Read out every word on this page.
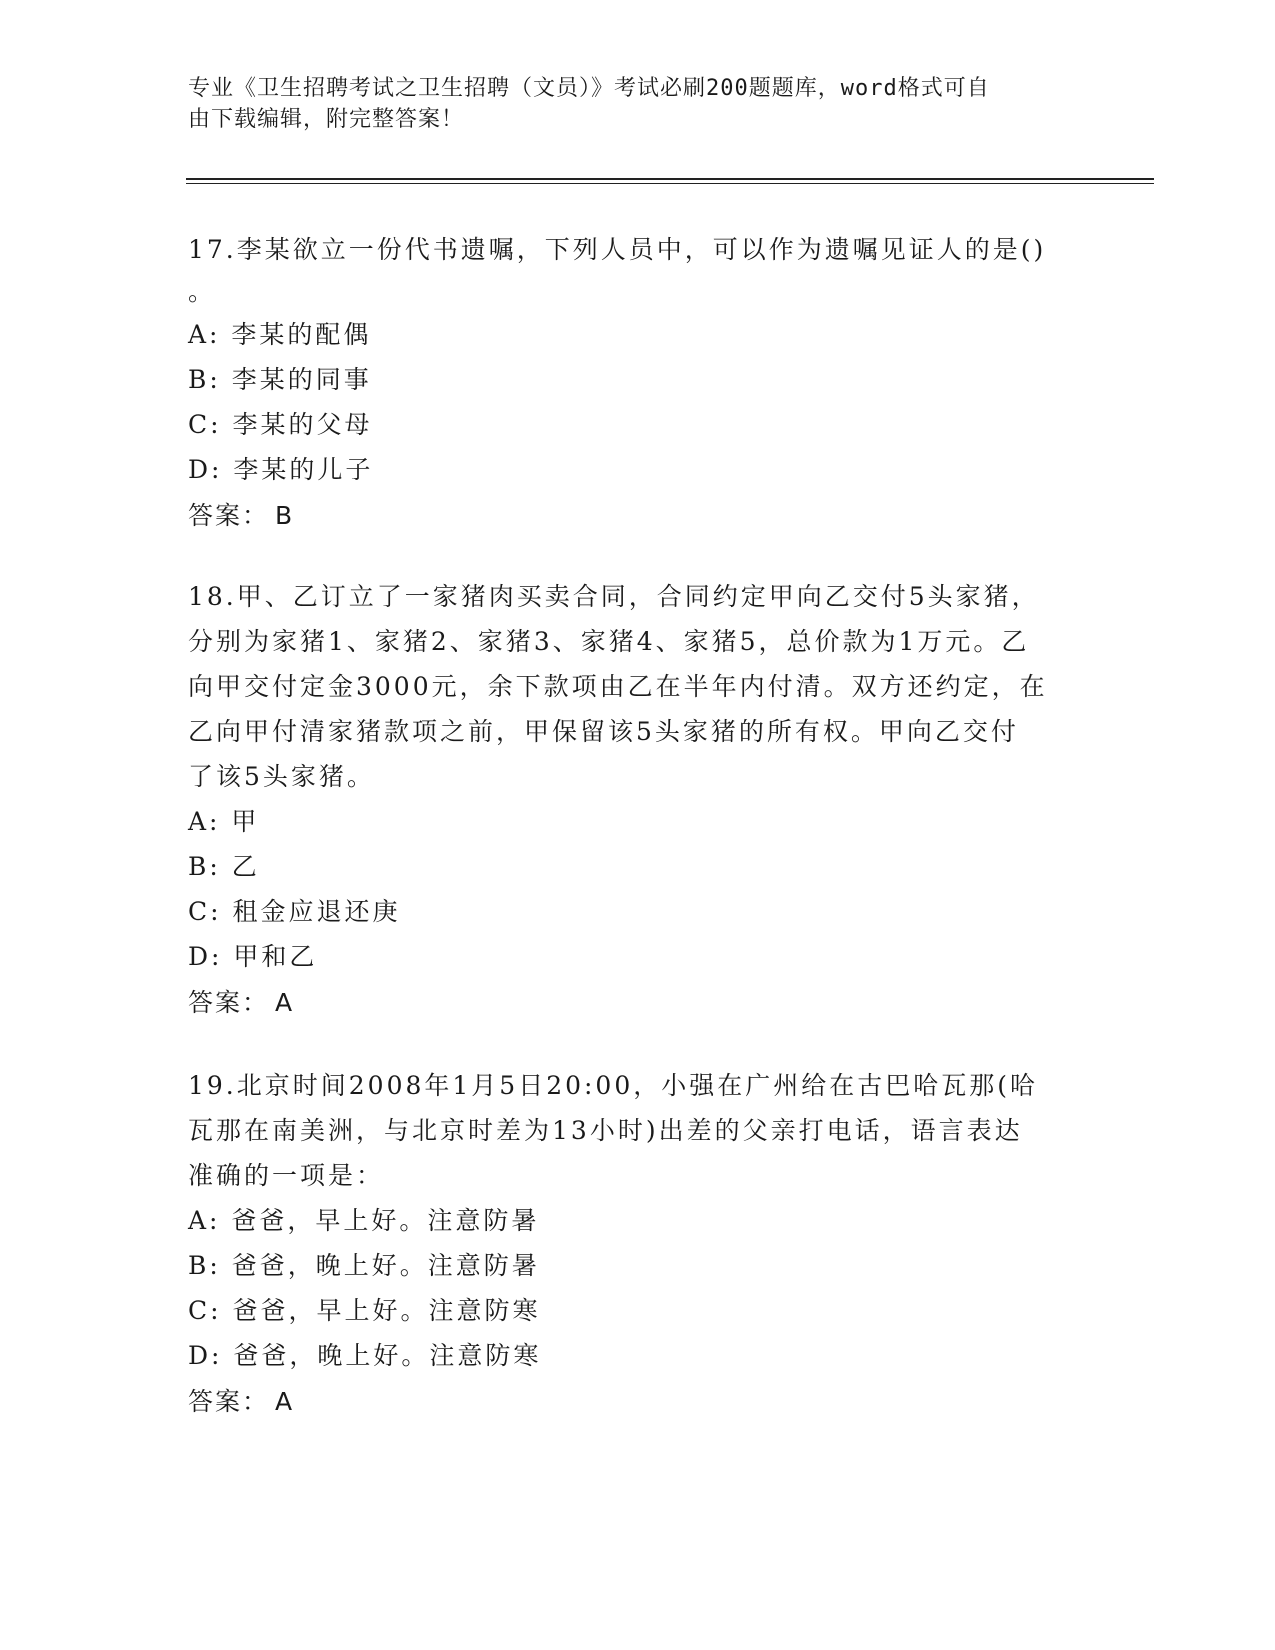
专业《卫生招聘考试之卫生招聘（文员）》考试必刷200题题库，word格式可自
由下载编辑，附完整答案！
17.李某欲立一份代书遗嘱，下列人员中，可以作为遗嘱见证人的是()
。
A: 李某的配偶
B: 李某的同事
C: 李某的父母
D: 李某的儿子
答案： B
18.甲、乙订立了一家猪肉买卖合同，合同约定甲向乙交付5头家猪，
分别为家猪1、家猪2、家猪3、家猪4、家猪5，总价款为1万元。乙
向甲交付定金3000元，余下款项由乙在半年内付清。双方还约定，在
乙向甲付清家猪款项之前，甲保留该5头家猪的所有权。甲向乙交付
了该5头家猪。
A: 甲
B: 乙
C: 租金应退还庚
D: 甲和乙
答案： A
19.北京时间2008年1月5日20:00，小强在广州给在古巴哈瓦那(哈
瓦那在南美洲，与北京时差为13小时)出差的父亲打电话，语言表达
准确的一项是：
A: 爸爸，早上好。注意防暑
B: 爸爸，晚上好。注意防暑
C: 爸爸，早上好。注意防寒
D: 爸爸，晚上好。注意防寒
答案： A
